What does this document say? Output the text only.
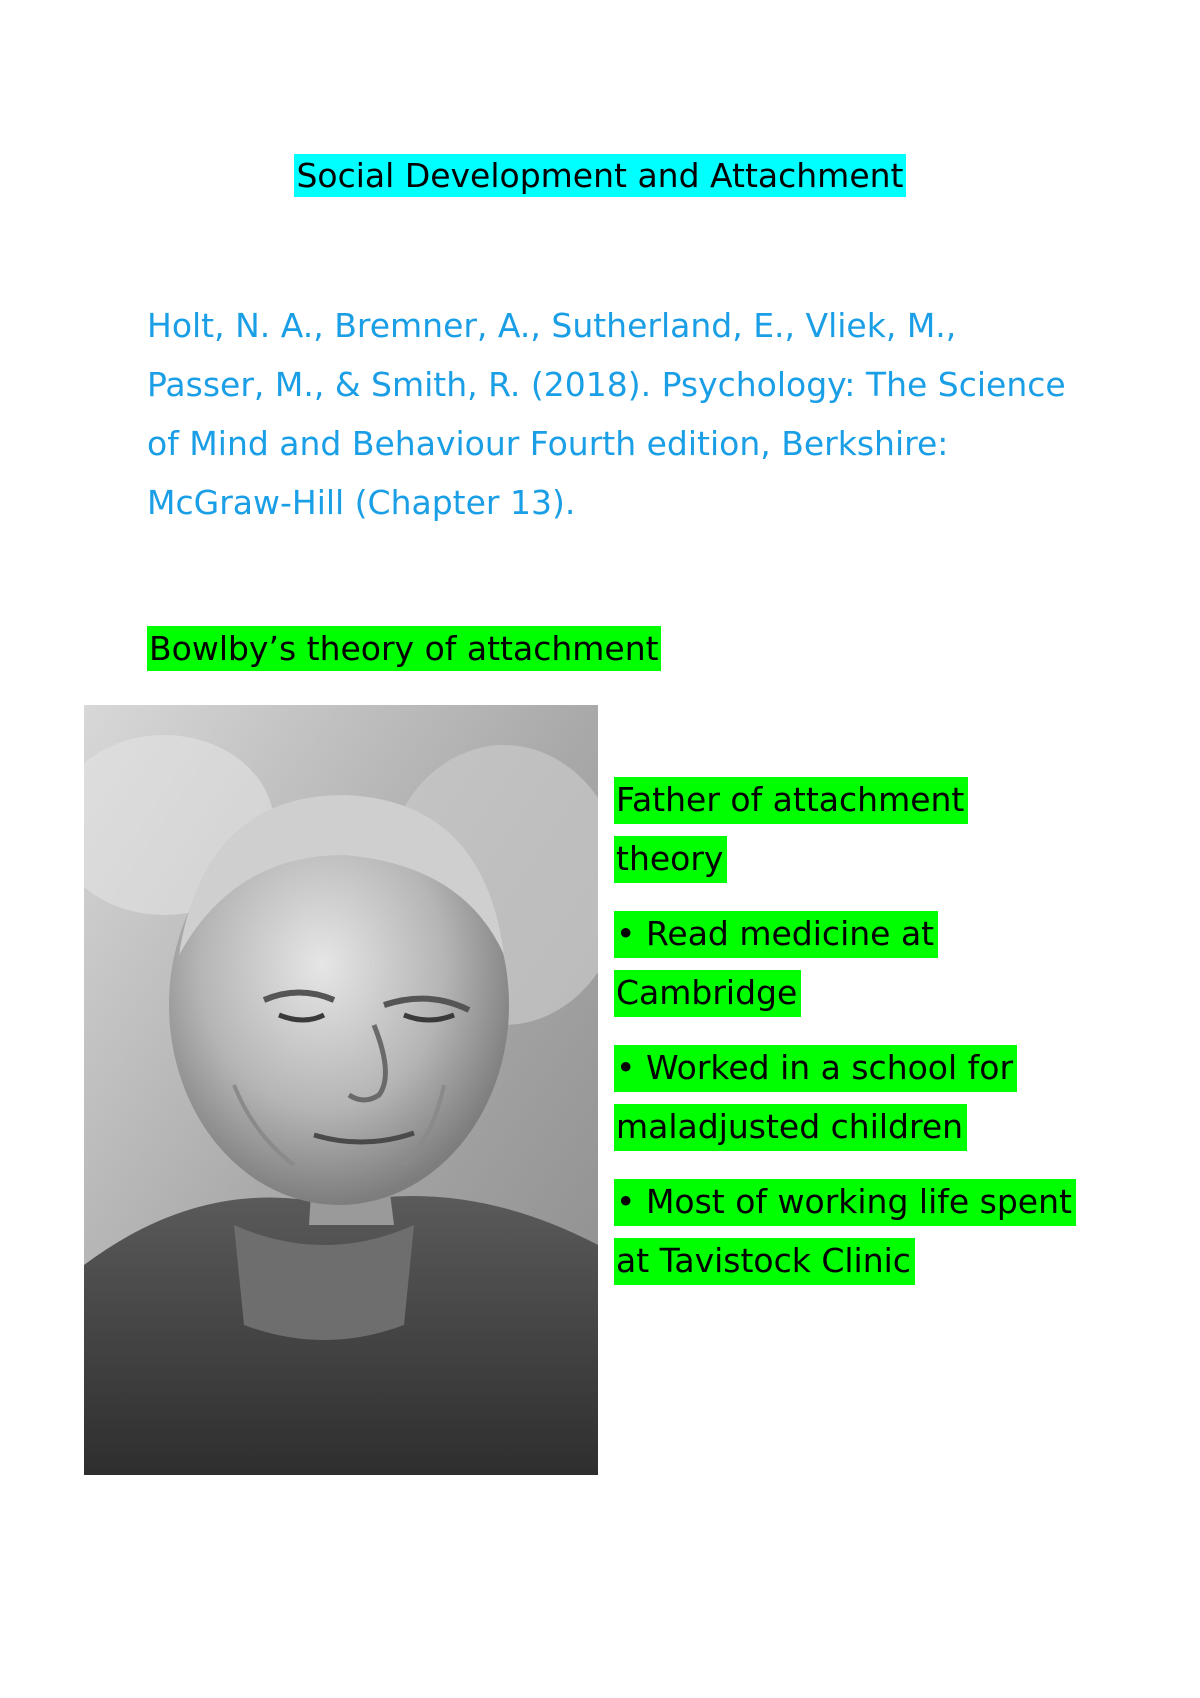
Social Development and Attachment
Holt, N. A., Bremner, A., Sutherland, E., Vliek, M., Passer, M., & Smith, R. (2018). Psychology: The Science of Mind and Behaviour Fourth edition, Berkshire: McGraw-Hill (Chapter 13).
Bowlby’s theory of attachment
Father of attachment theory
• Read medicine at Cambridge
• Worked in a school for maladjusted children
• Most of working life spent at Tavistock Clinic
